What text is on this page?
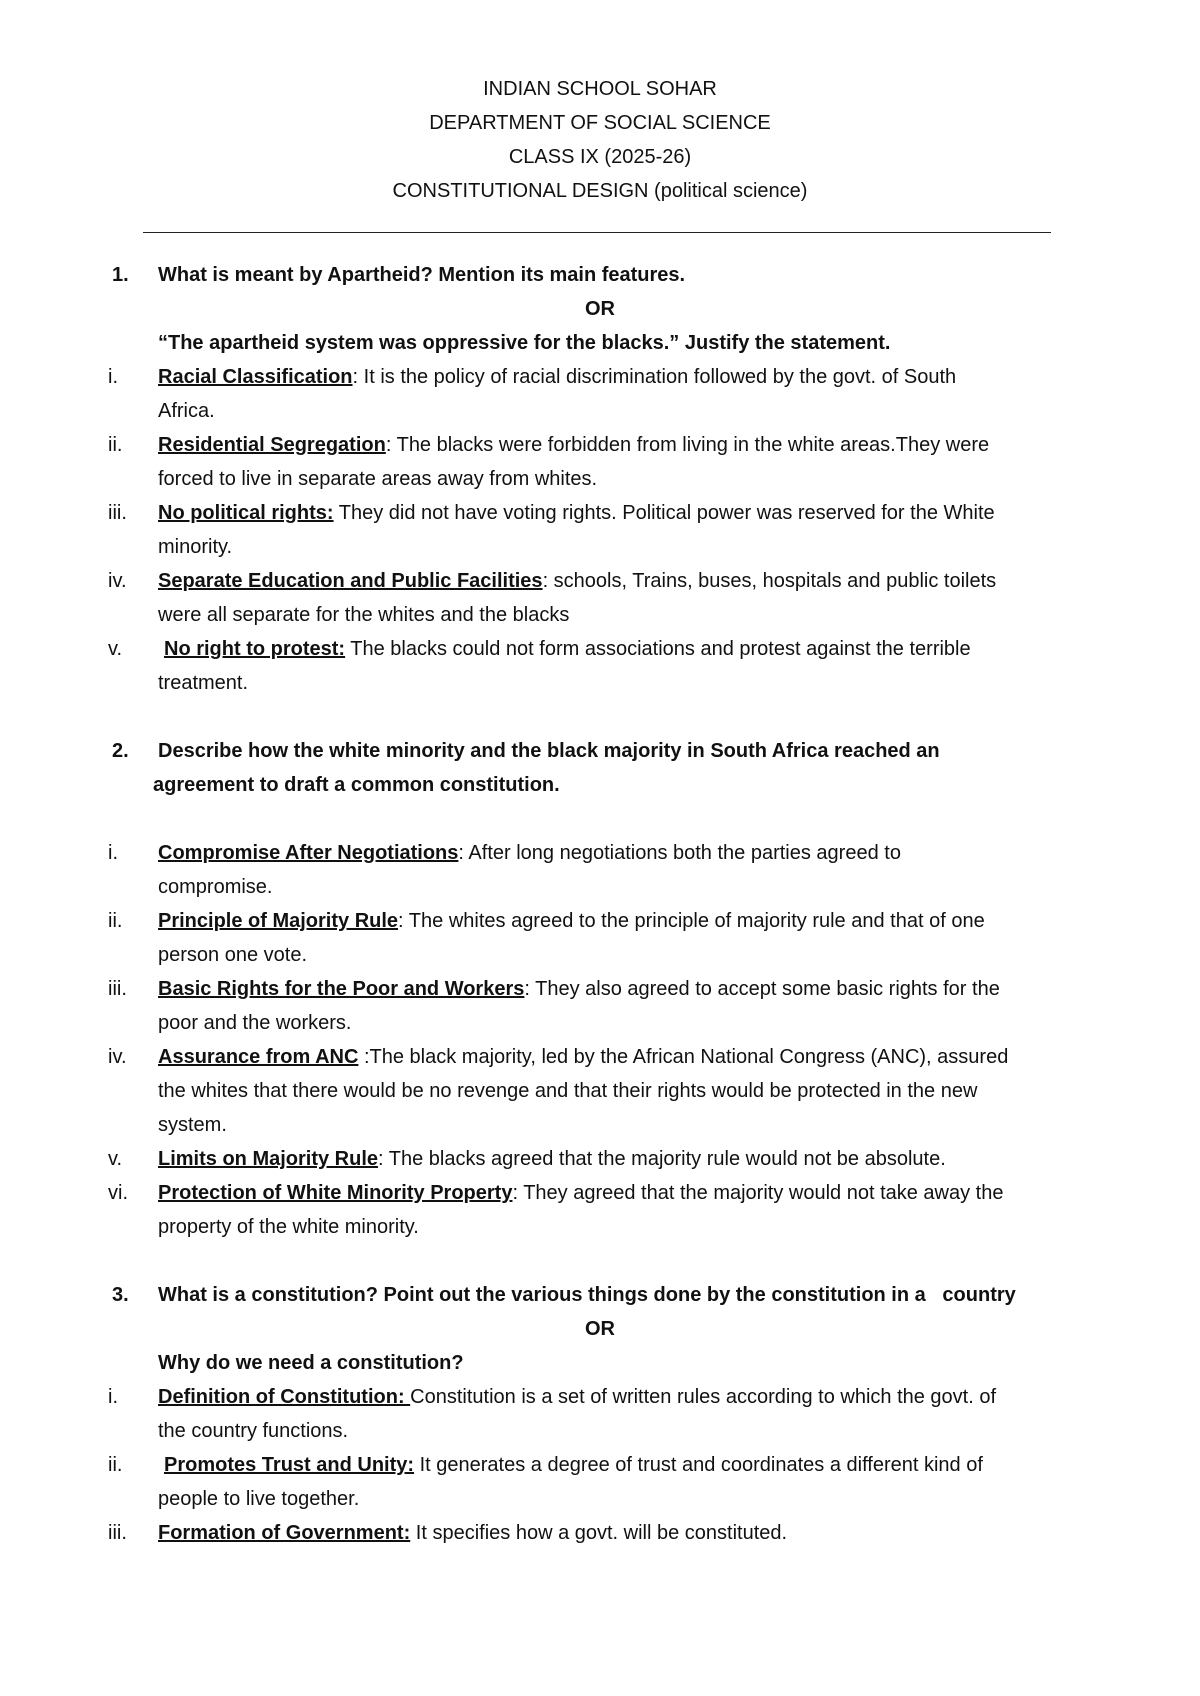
INDIAN SCHOOL SOHAR
DEPARTMENT OF SOCIAL SCIENCE
CLASS IX (2025-26)
CONSTITUTIONAL DESIGN (political science)
1.	What is meant by Apartheid? Mention its main features.
OR
“The apartheid system was oppressive for the blacks.” Justify the statement.
i.	Racial Classification: It is the policy of racial discrimination followed by the govt. of South
Africa.
ii.	Residential Segregation: The blacks were forbidden from living in the white areas.They were
forced to live in separate areas away from whites.
iii.	No political rights: They did not have voting rights. Political power was reserved for the White
minority.
iv.	Separate Education and Public Facilities: schools, Trains, buses, hospitals and public toilets
were all separate for the whites and the blacks
v.	No right to protest: The blacks could not form associations and protest against the terrible
treatment.
2.	Describe how the white minority and the black majority in South Africa reached an
agreement to draft a common constitution.
i.	Compromise After Negotiations: After long negotiations both the parties agreed to
compromise.
ii.	Principle of Majority Rule: The whites agreed to the principle of majority rule and that of one
person one vote.
iii.	Basic Rights for the Poor and Workers: They also agreed to accept some basic rights for the
poor and the workers.
iv.	Assurance from ANC :The black majority, led by the African National Congress (ANC), assured
the whites that there would be no revenge and that their rights would be protected in the new
system.
v.	Limits on Majority Rule: The blacks agreed that the majority rule would not be absolute.
vi.	Protection of White Minority Property: They agreed that the majority would not take away the
property of the white minority.
3.	What is a constitution? Point out the various things done by the constitution in a   country
OR
Why do we need a constitution?
i.	Definition of Constitution: Constitution is a set of written rules according to which the govt. of
the country functions.
ii.	Promotes Trust and Unity: It generates a degree of trust and coordinates a different kind of
people to live together.
iii.	Formation of Government: It specifies how a govt. will be constituted.
